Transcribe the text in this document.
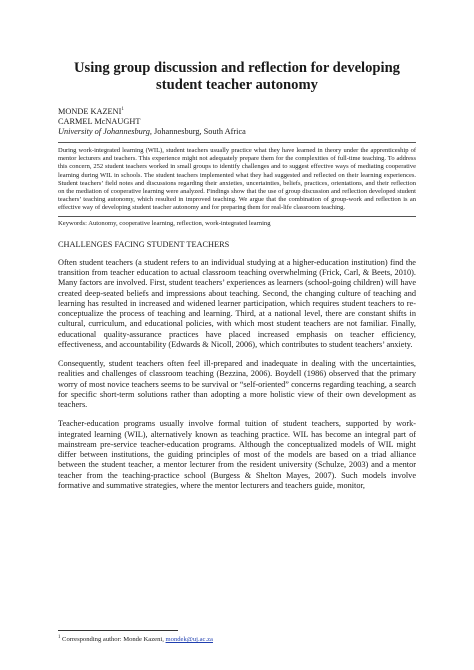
Using group discussion and reflection for developing student teacher autonomy
MONDE KAZENI$^1$
CARMEL McNAUGHT
University of Johannesburg, Johannesburg, South Africa
During work-integrated learning (WIL), student teachers usually practice what they have learned in theory under the apprenticeship of mentor lecturers and teachers. This experience might not adequately prepare them for the complexities of full-time teaching. To address this concern, 252 student teachers worked in small groups to identify challenges and to suggest effective ways of mediating cooperative learning during WIL in schools. The student teachers implemented what they had suggested and reflected on their learning experiences. Student teachers’ field notes and discussions regarding their anxieties, uncertainties, beliefs, practices, orientations, and their reflection on the mediation of cooperative learning were analyzed. Findings show that the use of group discussion and reflection developed student teachers’ teaching autonomy, which resulted in improved teaching. We argue that the combination of group-work and reflection is an effective way of developing student teacher autonomy and for preparing them for real-life classroom teaching.
Keywords: Autonomy, cooperative learning, reflection, work-integrated learning
CHALLENGES FACING STUDENT TEACHERS

Often student teachers (a student refers to an individual studying at a higher-education institution) find the transition from teacher education to actual classroom teaching overwhelming (Frick, Carl, & Beets, 2010). Many factors are involved. First, student teachers’ experiences as learners (school-going children) will have created deep-seated beliefs and impressions about teaching. Second, the changing culture of teaching and learning has resulted in increased and widened learner participation, which requires student teachers to re-conceptualize the process of teaching and learning. Third, at a national level, there are constant shifts in cultural, curriculum, and educational policies, with which most student teachers are not familiar. Finally, educational quality-assurance practices have placed increased emphasis on teacher efficiency, effectiveness, and accountability (Edwards & Nicoll, 2006), which contributes to student teachers’ anxiety.

Consequently, student teachers often feel ill-prepared and inadequate in dealing with the uncertainties, realities and challenges of classroom teaching (Bezzina, 2006). Boydell (1986) observed that the primary worry of most novice teachers seems to be survival or “self-oriented” concerns regarding teaching, a search for specific short-term solutions rather than adopting a more holistic view of their own development as teachers.

Teacher-education programs usually involve formal tuition of student teachers, supported by work-integrated learning (WIL), alternatively known as teaching practice. WIL has become an integral part of mainstream pre-service teacher-education programs. Although the conceptualized models of WIL might differ between institutions, the guiding principles of most of the models are based on a triad alliance between the student teacher, a mentor lecturer from the resident university (Schulze, 2003) and a mentor teacher from the teaching-practice school (Burgess & Shelton Mayes, 2007). Such models involve formative and summative strategies, where the mentor lecturers and teachers guide, monitor,

$^1$ Corresponding author: Monde Kazeni, mondek@uj.ac.za
